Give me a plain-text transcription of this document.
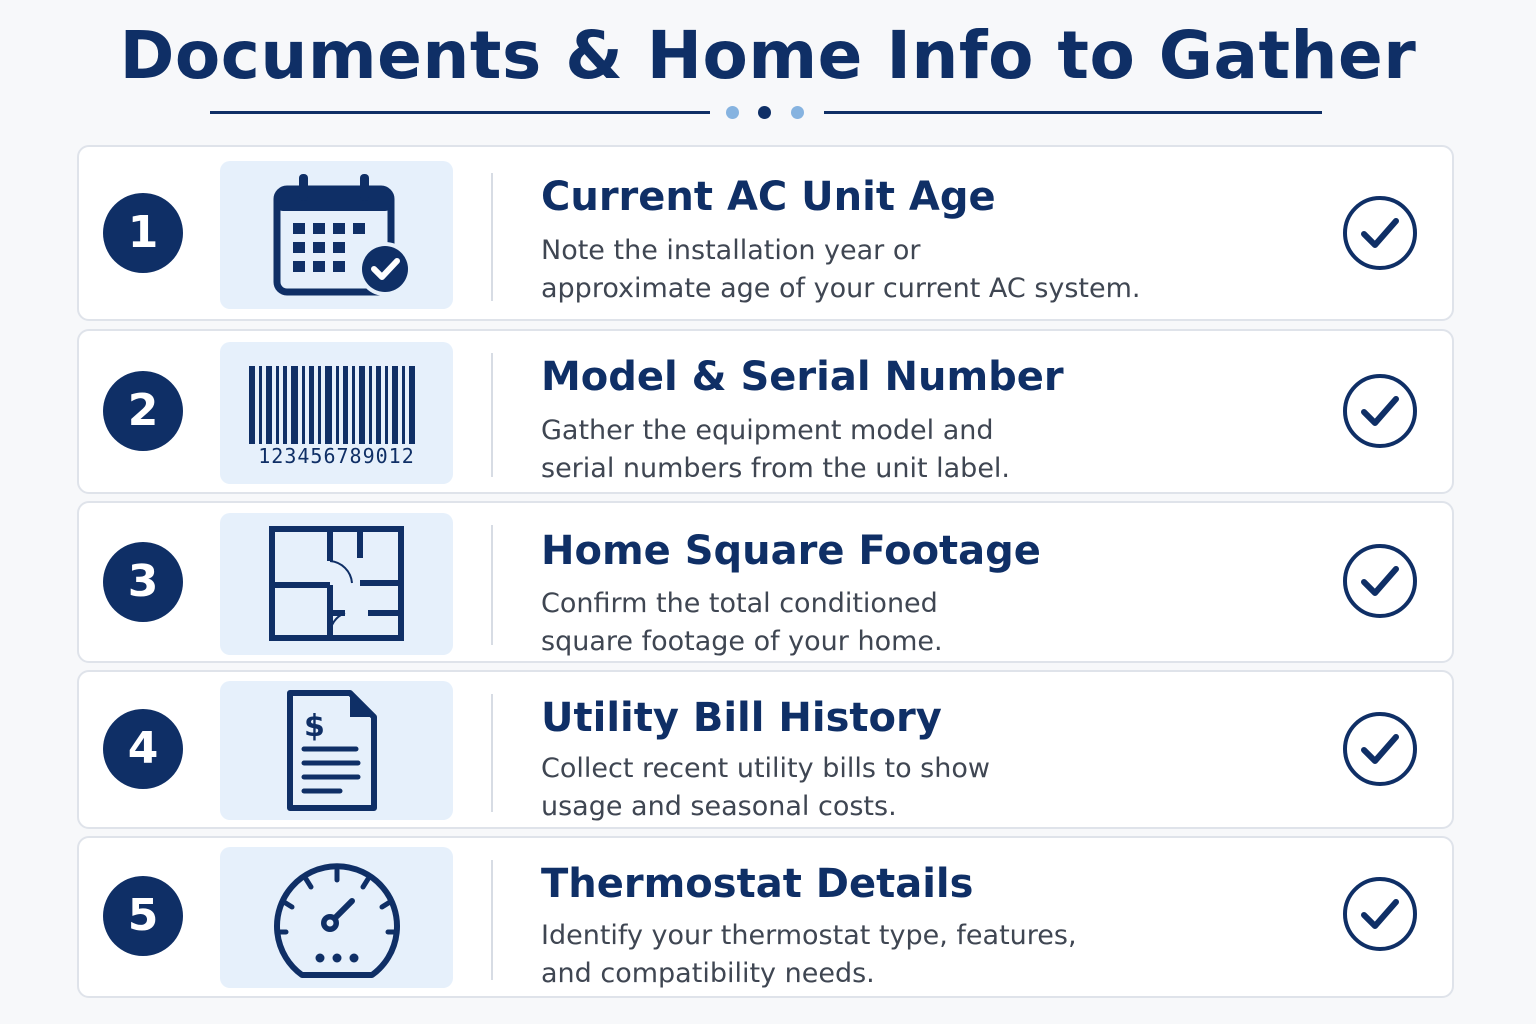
Documents & Home Info to Gather
1
Current AC Unit Age
Note the installation year or
approximate age of your current AC system.
2
123456789012
Model & Serial Number
Gather the equipment model and
serial numbers from the unit label.
3
Home Square Footage
Confirm the total conditioned
square footage of your home.
4	$	Utility Bill History
Collect recent utility bills to show
usage and seasonal costs.
5
Thermostat Details
Identify your thermostat type, features,
and compatibility needs.
